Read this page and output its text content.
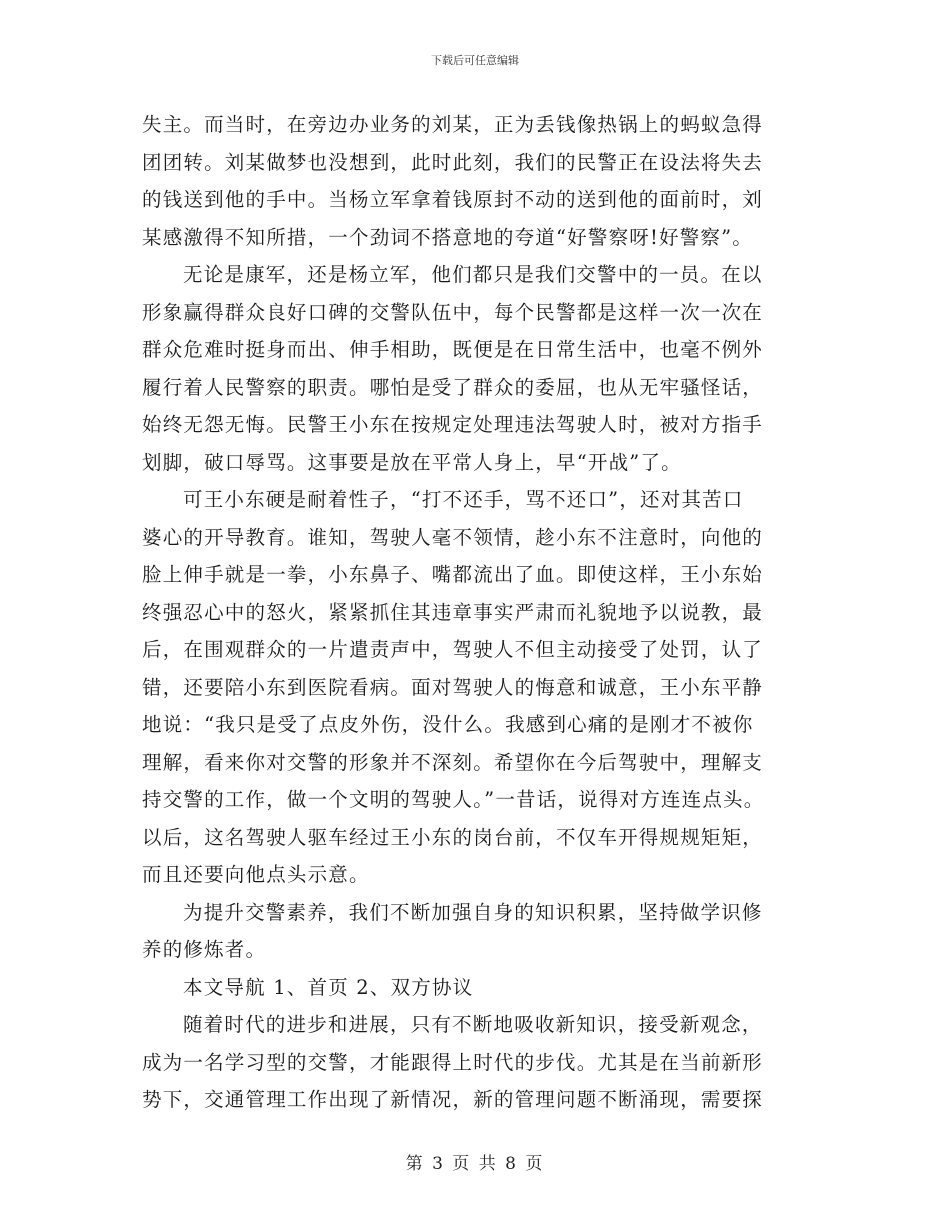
下载后可任意编辑
失主。而当时，在旁边办业务的刘某，正为丢钱像热锅上的蚂蚁急得
团团转。刘某做梦也没想到，此时此刻，我们的民警正在设法将失去
的钱送到他的手中。当杨立军拿着钱原封不动的送到他的面前时，刘
某感激得不知所措，一个劲词不搭意地的夸道“好警察呀!好警察”。
无论是康军，还是杨立军，他们都只是我们交警中的一员。在以
形象赢得群众良好口碑的交警队伍中，每个民警都是这样一次一次在
群众危难时挺身而出、伸手相助，既便是在日常生活中，也毫不例外
履行着人民警察的职责。哪怕是受了群众的委屈，也从无牢骚怪话，
始终无怨无悔。民警王小东在按规定处理违法驾驶人时，被对方指手
划脚，破口辱骂。这事要是放在平常人身上，早“开战”了。
可王小东硬是耐着性子，“打不还手，骂不还口”，还对其苦口
婆心的开导教育。谁知，驾驶人毫不领情，趁小东不注意时，向他的
脸上伸手就是一拳，小东鼻子、嘴都流出了血。即使这样，王小东始
终强忍心中的怒火，紧紧抓住其违章事实严肃而礼貌地予以说教，最
后，在围观群众的一片遣责声中，驾驶人不但主动接受了处罚，认了
错，还要陪小东到医院看病。面对驾驶人的悔意和诚意，王小东平静
地说：“我只是受了点皮外伤，没什么。我感到心痛的是刚才不被你
理解，看来你对交警的形象并不深刻。希望你在今后驾驶中，理解支
持交警的工作，做一个文明的驾驶人。”一昔话，说得对方连连点头。
以后，这名驾驶人驱车经过王小东的岗台前，不仅车开得规规矩矩，
而且还要向他点头示意。
为提升交警素养，我们不断加强自身的知识积累，坚持做学识修
养的修炼者。
本文导航 1、首页 2、双方协议
随着时代的进步和进展，只有不断地吸收新知识，接受新观念，
成为一名学习型的交警，才能跟得上时代的步伐。尤其是在当前新形
势下，交通管理工作出现了新情况，新的管理问题不断涌现，需要探
第 3 页 共 8 页
